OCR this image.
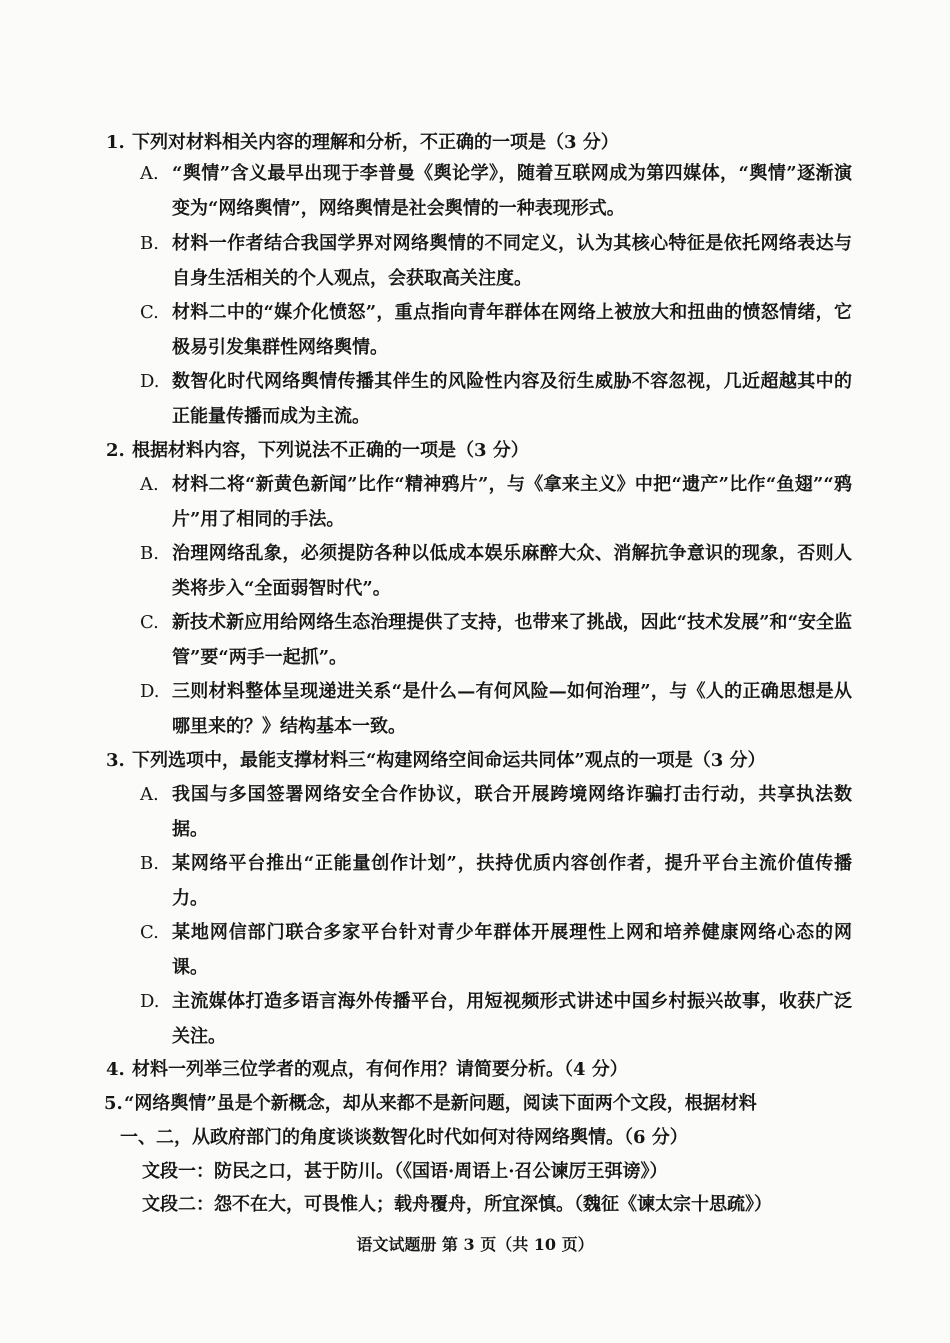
1. 下列对材料相关内容的理解和分析，不正确的一项是（3 分）
A. “舆情”含义最早出现于李普曼《舆论学》，随着互联网成为第四媒体，“舆情”逐渐演变为“网络舆情”，网络舆情是社会舆情的一种表现形式。
B. 材料一作者结合我国学界对网络舆情的不同定义，认为其核心特征是依托网络表达与自身生活相关的个人观点，会获取高关注度。
C. 材料二中的“媒介化愤怒”，重点指向青年群体在网络上被放大和扭曲的愤怒情绪，它极易引发集群性网络舆情。
D. 数智化时代网络舆情传播其伴生的风险性内容及衍生威胁不容忽视，几近超越其中的正能量传播而成为主流。
2. 根据材料内容，下列说法不正确的一项是（3 分）
A. 材料二将“新黄色新闻”比作“精神鸦片”，与《拿来主义》中把“遗产”比作“鱼翅”“鸦片”用了相同的手法。
B. 治理网络乱象，必须提防各种以低成本娱乐麻醉大众、消解抗争意识的现象，否则人类将步入“全面弱智时代”。
C. 新技术新应用给网络生态治理提供了支持，也带来了挑战，因此“技术发展”和“安全监管”要“两手一起抓”。
D. 三则材料整体呈现递进关系“是什么—有何风险—如何治理”，与《人的正确思想是从哪里来的？》结构基本一致。
3. 下列选项中，最能支撑材料三“构建网络空间命运共同体”观点的一项是（3 分）
A. 我国与多国签署网络安全合作协议，联合开展跨境网络诈骗打击行动，共享执法数据。
B. 某网络平台推出“正能量创作计划”，扶持优质内容创作者，提升平台主流价值传播力。
C. 某地网信部门联合多家平台针对青少年群体开展理性上网和培养健康网络心态的网课。
D. 主流媒体打造多语言海外传播平台，用短视频形式讲述中国乡村振兴故事，收获广泛关注。
4. 材料一列举三位学者的观点，有何作用？请简要分析。（4 分）
5.“网络舆情”虽是个新概念，却从来都不是新问题，阅读下面两个文段，根据材料
一、二，从政府部门的角度谈谈数智化时代如何对待网络舆情。（6 分）
文段一：防民之口，甚于防川。（《国语·周语上·召公谏厉王弭谤》）
文段二：怨不在大，可畏惟人；载舟覆舟，所宜深慎。（魏征《谏太宗十思疏》）
语文试题册 第 3 页（共 10 页）
